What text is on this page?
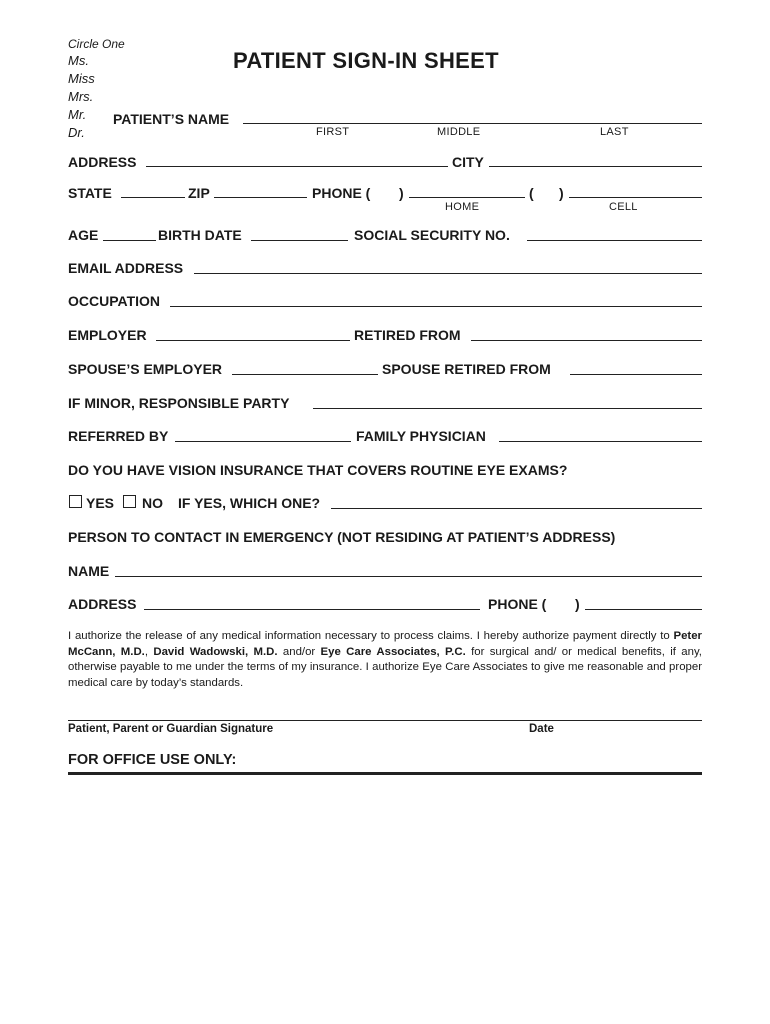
Circle One
Ms.
Miss
Mrs.
Mr.
Dr.
PATIENT SIGN-IN SHEET
PATIENT’S NAME
FIRST	MIDDLE	LAST
ADDRESS	CITY
STATE	ZIP	PHONE ( )
HOME
( )
CELL
AGE	BIRTH DATE	SOCIAL SECURITY NO.
EMAIL ADDRESS
OCCUPATION
EMPLOYER	RETIRED FROM
SPOUSE’S EMPLOYER	SPOUSE RETIRED FROM
IF MINOR, RESPONSIBLE PARTY
REFERRED BY	FAMILY PHYSICIAN
DO YOU HAVE VISION INSURANCE THAT COVERS ROUTINE EYE EXAMS?
YES NO IF YES, WHICH ONE?
PERSON TO CONTACT IN EMERGENCY (NOT RESIDING AT PATIENT’S ADDRESS)
NAME
ADDRESS	PHONE ( )
I authorize the release of any medical information necessary to process claims. I hereby authorize payment directly to Peter McCann, M.D., David Wadowski, M.D. and/or Eye Care Associates, P.C. for surgical and/ or medical benefits, if any, otherwise payable to me under the terms of my insurance. I authorize Eye Care Associates to give me reasonable and proper medical care by today’s standards.
Patient, Parent or Guardian Signature	Date
FOR OFFICE USE ONLY:
